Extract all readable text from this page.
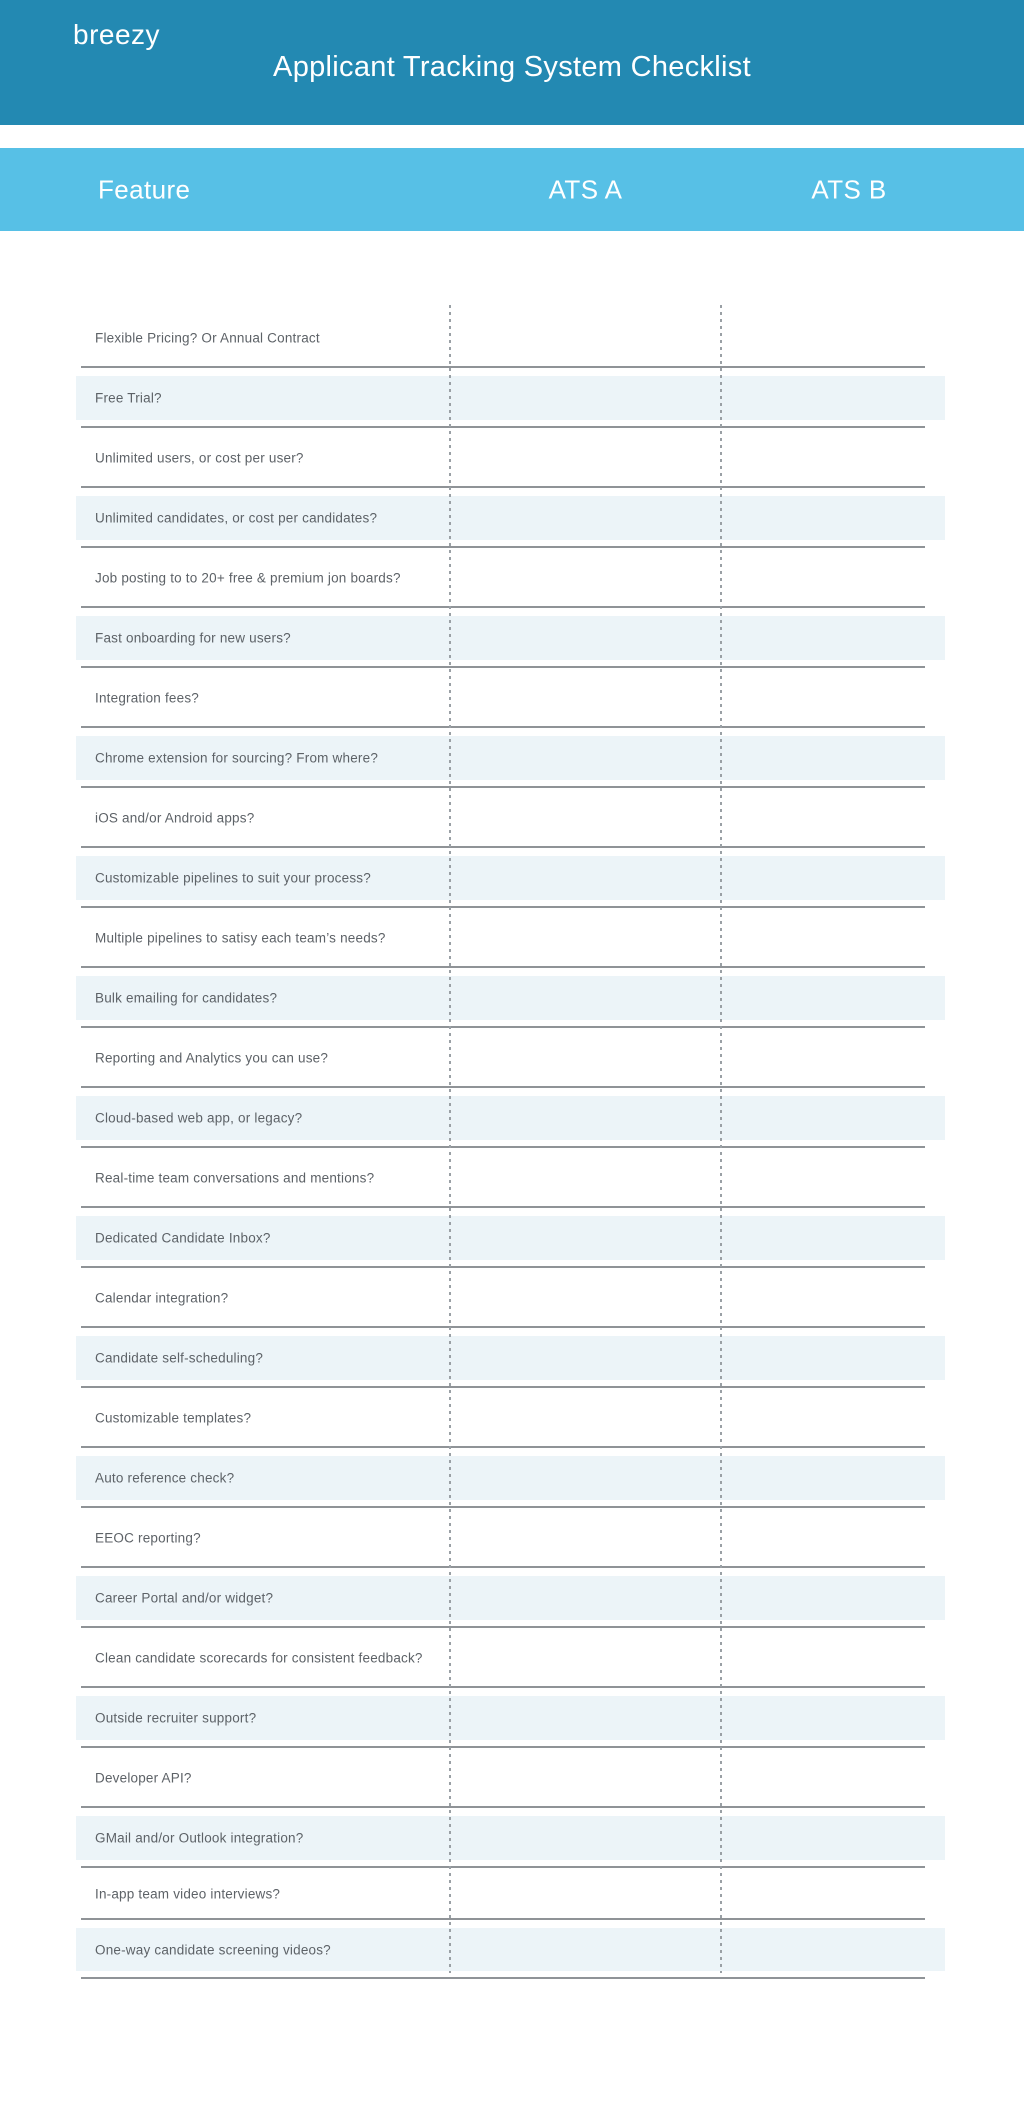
breezy
Applicant Tracking System Checklist
Feature	ATS A	ATS B
Flexible Pricing? Or Annual Contract
Free Trial?
Unlimited users, or cost per user?
Unlimited candidates, or cost per candidates?
Job posting to to 20+ free & premium jon boards?
Fast onboarding for new users?
Integration fees?
Chrome extension for sourcing? From where?
iOS and/or Android apps?
Customizable pipelines to suit your process?
Multiple pipelines to satisy each team’s needs?
Bulk emailing for candidates?
Reporting and Analytics you can use?
Cloud-based web app, or legacy?
Real-time team conversations and mentions?
Dedicated Candidate Inbox?
Calendar integration?
Candidate self-scheduling?
Customizable templates?
Auto reference check?
EEOC reporting?
Career Portal and/or widget?
Clean candidate scorecards for consistent feedback?
Outside recruiter support?
Developer API?
GMail and/or Outlook integration?
In-app team video interviews?
One-way candidate screening videos?
